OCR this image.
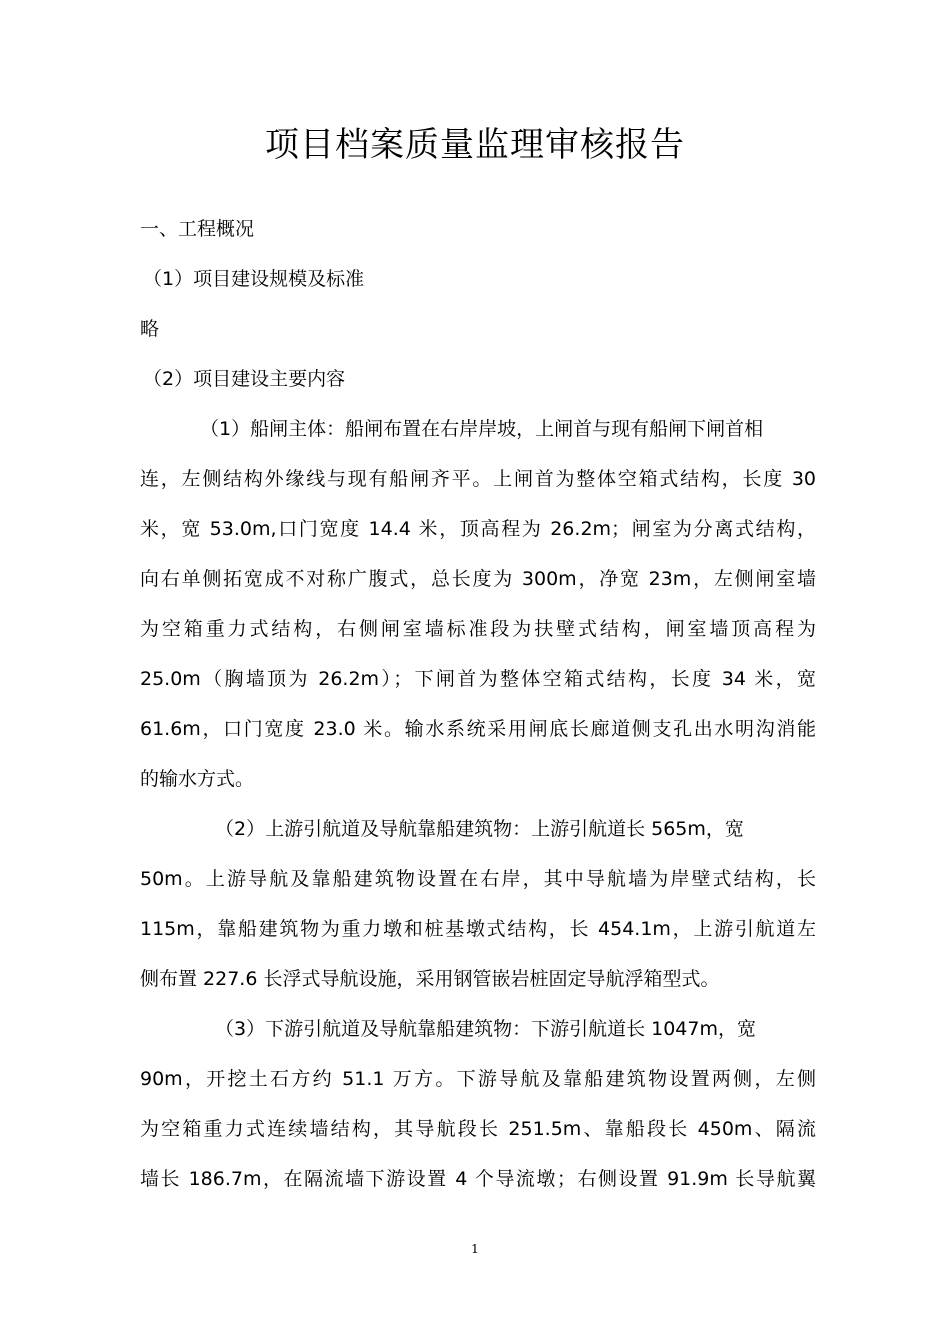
项目档案质量监理审核报告
一、工程概况
（1）项目建设规模及标准
略
（2）项目建设主要内容
（1）船闸主体：船闸布置在右岸岸坡，上闸首与现有船闸下闸首相
连，左侧结构外缘线与现有船闸齐平。上闸首为整体空箱式结构，长度 30
米，宽 53.0m,口门宽度 14.4 米，顶高程为 26.2m；闸室为分离式结构，
向右单侧拓宽成不对称广腹式，总长度为 300m，净宽 23m，左侧闸室墙
为空箱重力式结构，右侧闸室墙标准段为扶壁式结构，闸室墙顶高程为
25.0m（胸墙顶为 26.2m）；下闸首为整体空箱式结构，长度 34 米，宽
61.6m，口门宽度 23.0 米。输水系统采用闸底长廊道侧支孔出水明沟消能
的输水方式。
（2）上游引航道及导航靠船建筑物：上游引航道长 565m，宽
50m。上游导航及靠船建筑物设置在右岸，其中导航墙为岸壁式结构，长
115m，靠船建筑物为重力墩和桩基墩式结构，长 454.1m，上游引航道左
侧布置 227.6 长浮式导航设施，采用钢管嵌岩桩固定导航浮箱型式。
（3）下游引航道及导航靠船建筑物：下游引航道长 1047m，宽
90m，开挖土石方约 51.1 万方。下游导航及靠船建筑物设置两侧，左侧
为空箱重力式连续墙结构，其导航段长 251.5m、靠船段长 450m、隔流
墙长 186.7m，在隔流墙下游设置 4 个导流墩；右侧设置 91.9m 长导航翼
1
